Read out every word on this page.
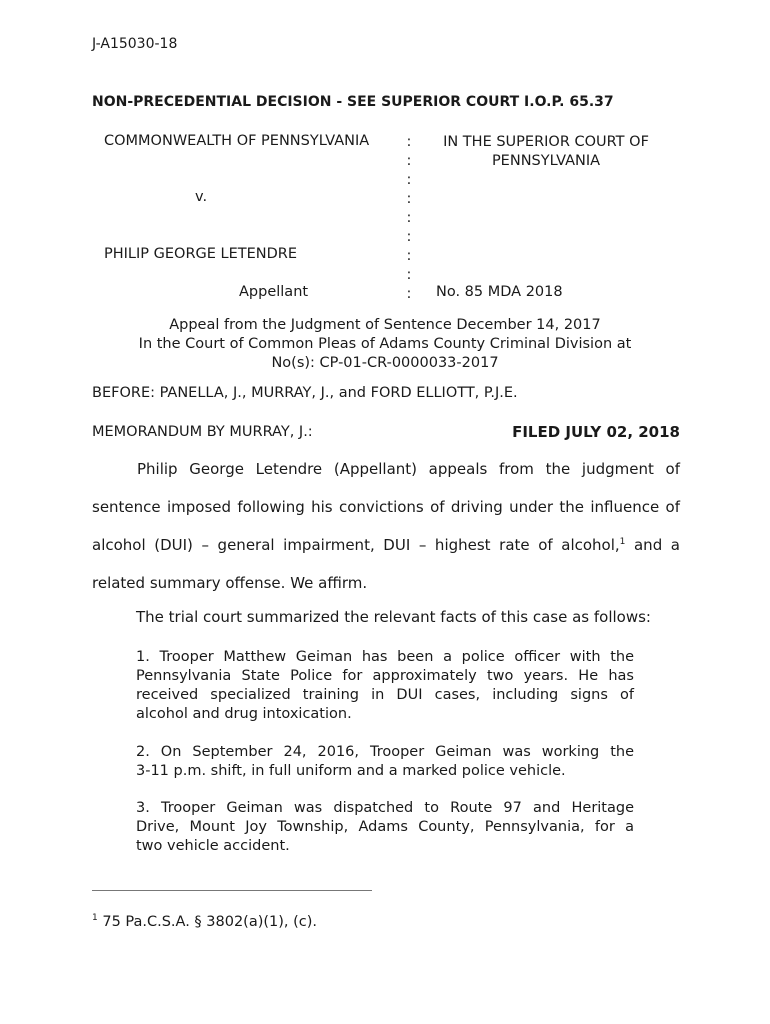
J-A15030-18
NON-PRECEDENTIAL DECISION - SEE SUPERIOR COURT I.O.P. 65.37
COMMONWEALTH OF PENNSYLVANIA
v.
PHILIP GEORGE LETENDRE
Appellant
:
:
:
:
:
:
:
:
:
IN THE SUPERIOR COURT OF
PENNSYLVANIA
No. 85 MDA 2018
Appeal from the Judgment of Sentence December 14, 2017
In the Court of Common Pleas of Adams County Criminal Division at
No(s): CP-01-CR-0000033-2017
BEFORE: PANELLA, J., MURRAY, J., and FORD ELLIOTT, P.J.E.
MEMORANDUM BY MURRAY, J.:	FILED JULY 02, 2018
Philip George Letendre (Appellant) appeals from the judgment of
sentence imposed following his convictions of driving under the influence of
alcohol (DUI) – general impairment, DUI – highest rate of alcohol,$^1$ and a
related summary offense. We affirm.
The trial court summarized the relevant facts of this case as follows:
1. Trooper Matthew Geiman has been a police officer with the
Pennsylvania State Police for approximately two years. He has
received specialized training in DUI cases, including signs of
alcohol and drug intoxication.
2. On September 24, 2016, Trooper Geiman was working the
3-11 p.m. shift, in full uniform and a marked police vehicle.
3. Trooper Geiman was dispatched to Route 97 and Heritage
Drive, Mount Joy Township, Adams County, Pennsylvania, for a
two vehicle accident.
$^1$ 75 Pa.C.S.A. § 3802(a)(1), (c).
